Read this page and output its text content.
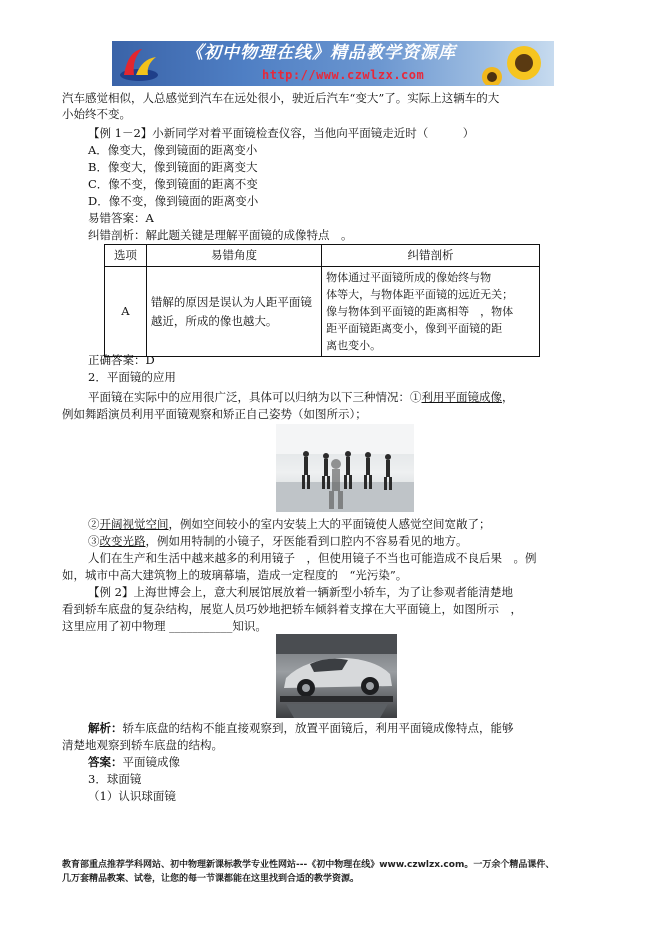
《初中物理在线》精品教学资源库
http://www.czwlzx.com
汽车感觉相似，人总感觉到汽车在远处很小，驶近后汽车“变大”了。实际上这辆车的大
小始终不变。
【例 1－2】小新同学对着平面镜检查仪容，当他向平面镜走近时（　　　）
A．像变大，像到镜面的距离变小
B．像变大，像到镜面的距离变大
C．像不变，像到镜面的距离不变
D．像不变，像到镜面的距离变小
易错答案：A
纠错剖析：解此题关键是理解平面镜的成像特点　。
选项	易错角度	纠错剖析
A	错解的原因是误认为人距平面镜越近，所成的像也越大。	物体通过平面镜所成的像始终与物
体等大，与物体距平面镜的远近无关；
像与物体到平面镜的距离相等　，物体
距平面镜距离变小，像到平面镜的距
离也变小。
正确答案：D
2．平面镜的应用
平面镜在实际中的应用很广泛，具体可以归纳为以下三种情况：①利用平面镜成像，
例如舞蹈演员利用平面镜观察和矫正自己姿势（如图所示）；
②开阔视觉空间，例如空间较小的室内安装上大的平面镜使人感觉空间宽敞了；
③改变光路，例如用特制的小镜子，牙医能看到口腔内不容易看见的地方。
人们在生产和生活中越来越多的利用镜子　，但使用镜子不当也可能造成不良后果　。例
如，城市中高大建筑物上的玻璃幕墙，造成一定程度的　“光污染”。
【例 2】上海世博会上，意大利展馆展放着一辆新型小轿车，为了让参观者能清楚地
看到轿车底盘的复杂结构，展览人员巧妙地把轿车倾斜着支撑在大平面镜上，如图所示　，
这里应用了初中物理 ___________知识。
解析：轿车底盘的结构不能直接观察到，放置平面镜后，利用平面镜成像特点，能够
清楚地观察到轿车底盘的结构。
答案：平面镜成像
3．球面镜
（1）认识球面镜
教育部重点推荐学科网站、初中物理新课标教学专业性网站---《初中物理在线》www.czwlzx.com。一万余个精品课件、
几万套精品教案、试卷，让您的每一节课都能在这里找到合适的教学资源。
